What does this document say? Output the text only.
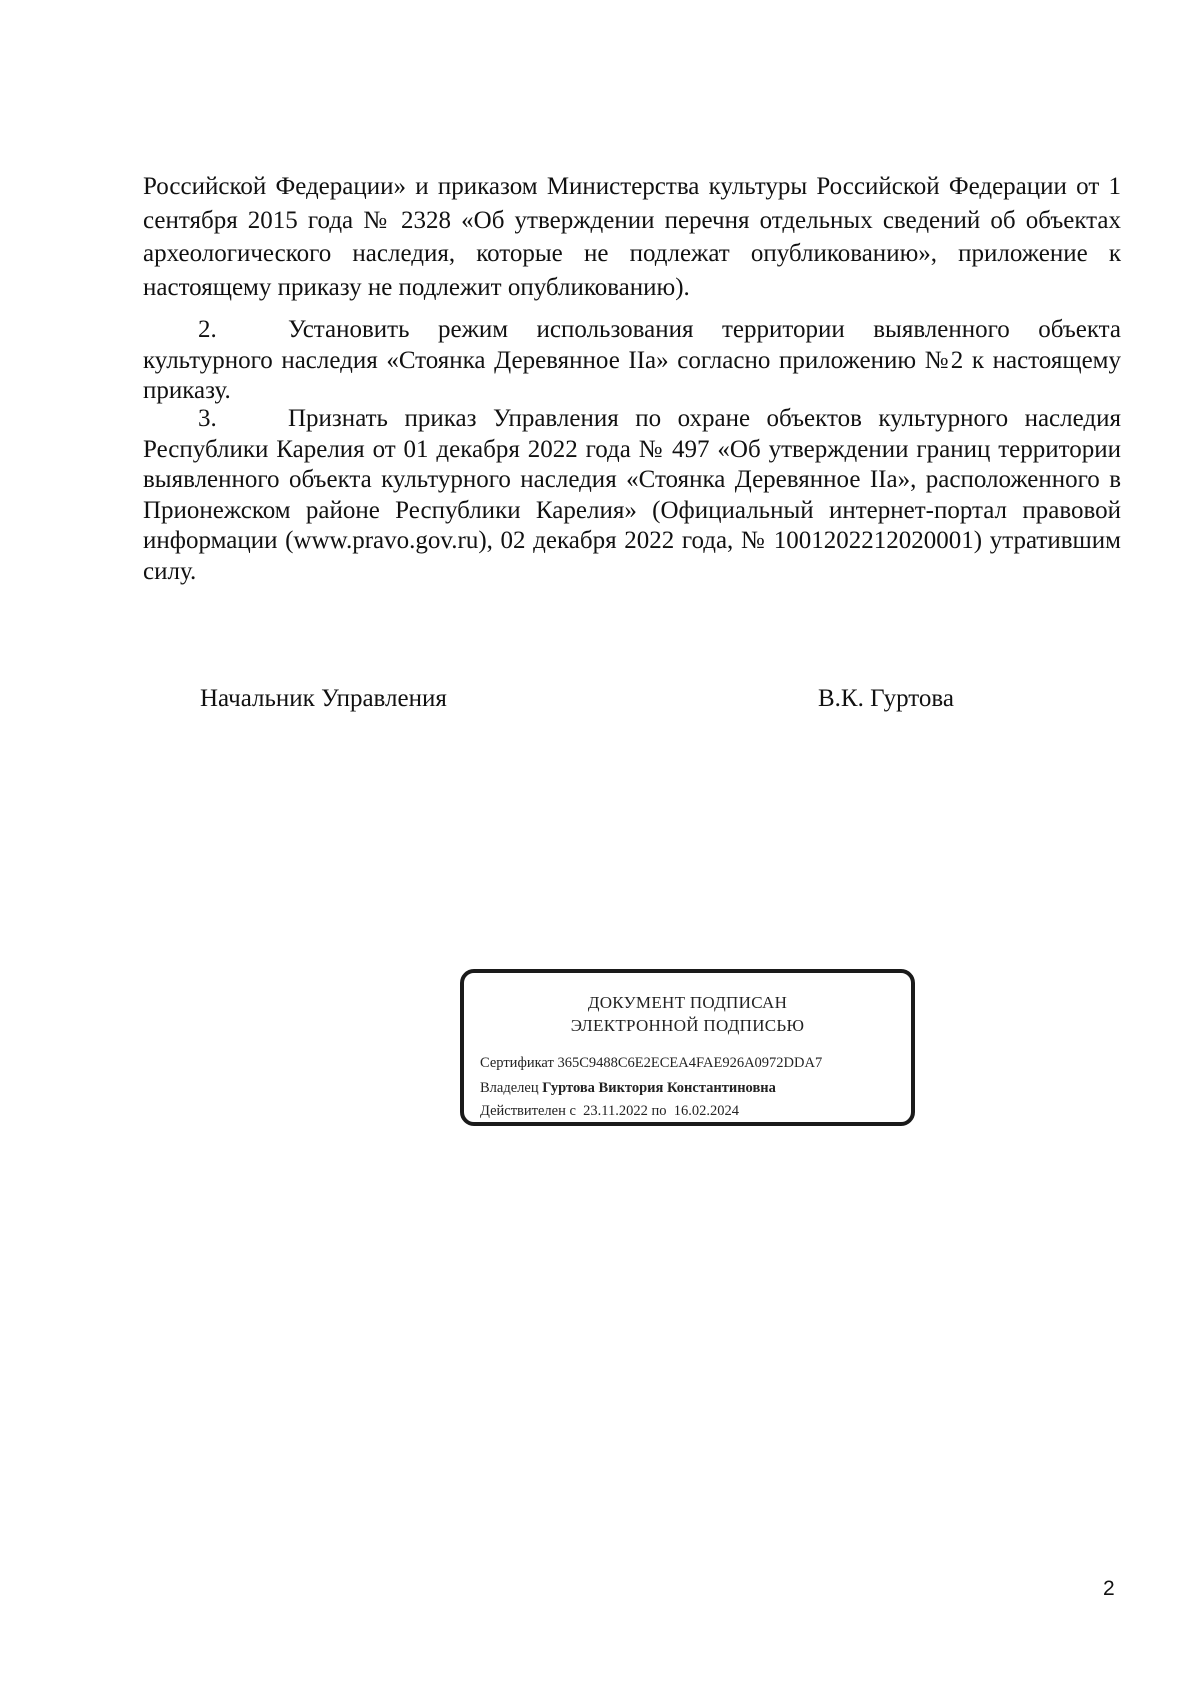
Российской Федерации» и приказом Министерства культуры Российской Федерации от 1 сентября 2015 года № 2328 «Об утверждении перечня отдельных сведений об объектах археологического наследия, которые не подлежат опубликованию», приложение к настоящему приказу не подлежит опубликованию).
2.	Установить режим использования территории выявленного объекта культурного наследия «Стоянка Деревянное IIa» согласно приложению №2 к настоящему приказу.
3.	Признать приказ Управления по охране объектов культурного наследия Республики Карелия от 01 декабря 2022 года № 497 «Об утверждении границ территории выявленного объекта культурного наследия «Стоянка Деревянное IIa», расположенного в Прионежском районе Республики Карелия» (Официальный интернет-портал правовой информации (www.pravo.gov.ru), 02 декабря 2022 года, № 1001202212020001) утратившим силу.
Начальник Управления	В.К. Гуртова
ДОКУМЕНТ ПОДПИСАН
ЭЛЕКТРОННОЙ ПОДПИСЬЮ
Сертификат 365C9488C6E2ECEA4FAE926A0972DDA7
Владелец Гуртова Виктория Константиновна
Действителен с 23.11.2022 по 16.02.2024
2
